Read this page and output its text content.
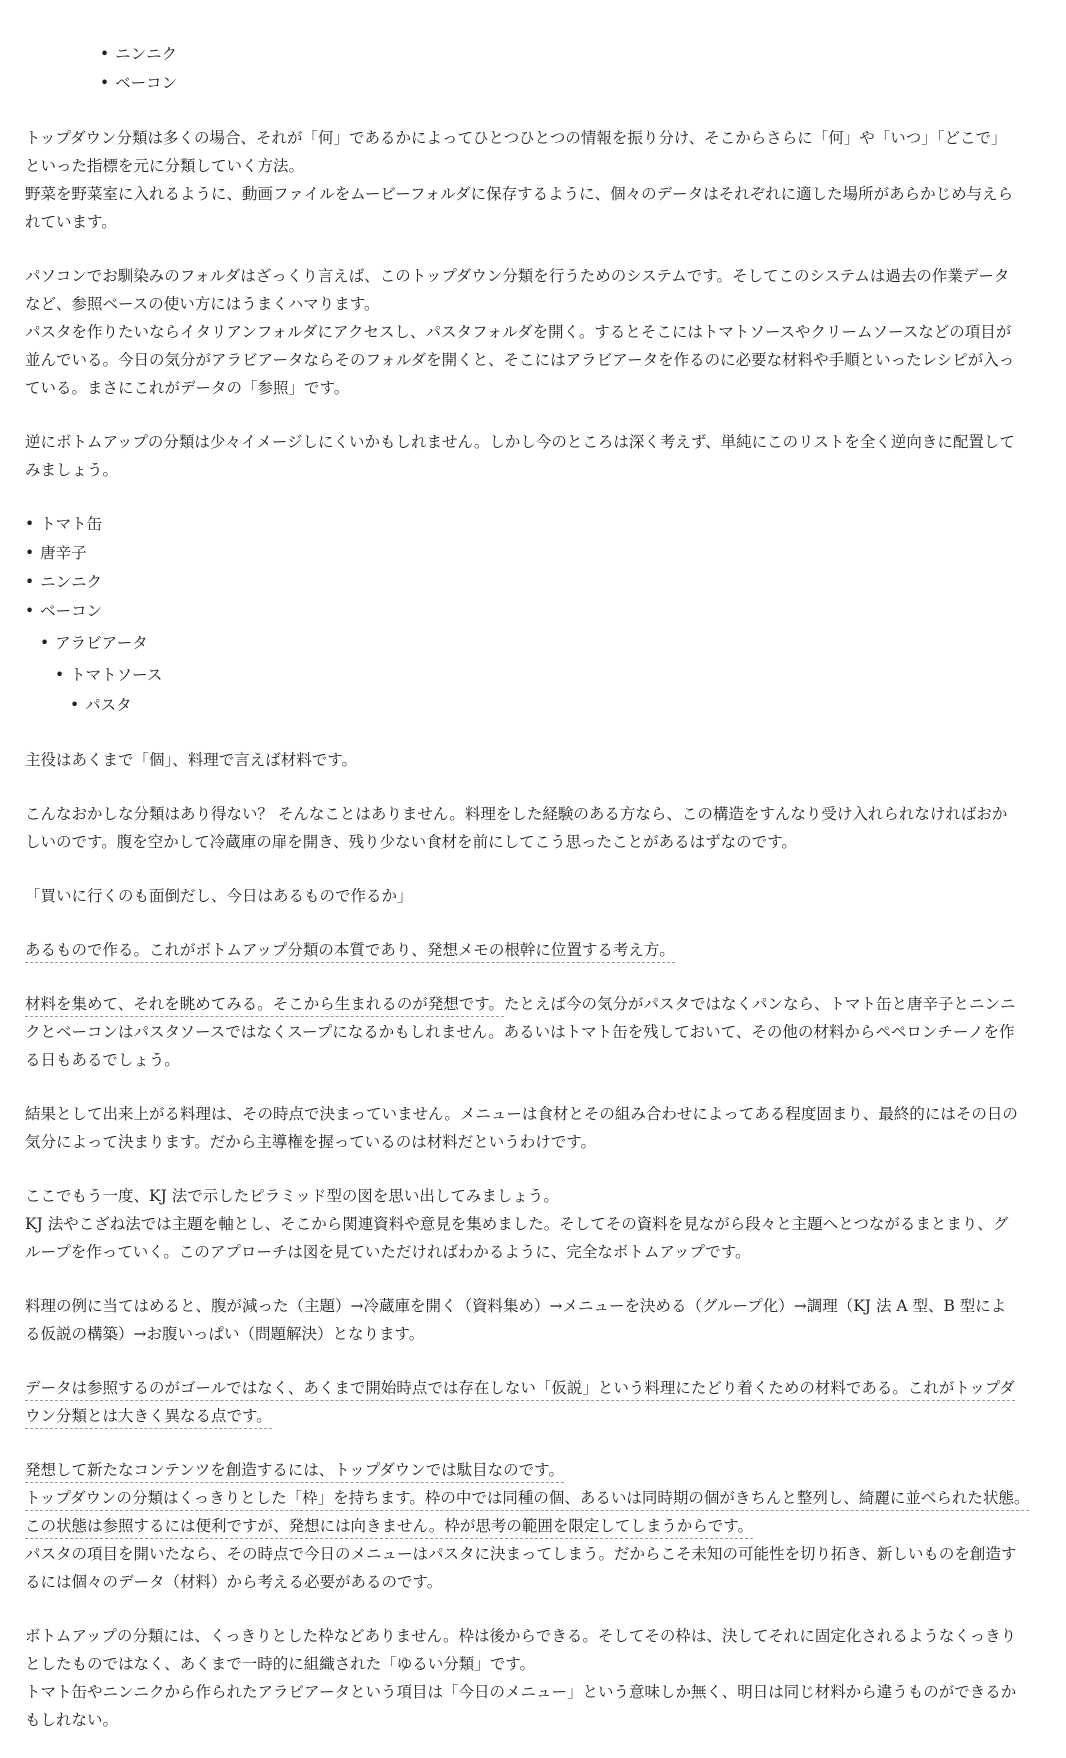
• ニンニク
• ベーコン
トップダウン分類は多くの場合、それが「何」であるかによってひとつひとつの情報を振り分け、そこからさらに「何」や「いつ」「どこで」
といった指標を元に分類していく方法。
野菜を野菜室に入れるように、動画ファイルをムービーフォルダに保存するように、個々のデータはそれぞれに適した場所があらかじめ与えら
れています。
パソコンでお馴染みのフォルダはざっくり言えば、このトップダウン分類を行うためのシステムです。そしてこのシステムは過去の作業データ
など、参照ベースの使い方にはうまくハマります。
パスタを作りたいならイタリアンフォルダにアクセスし、パスタフォルダを開く。するとそこにはトマトソースやクリームソースなどの項目が
並んでいる。今日の気分がアラビアータならそのフォルダを開くと、そこにはアラビアータを作るのに必要な材料や手順といったレシピが入っ
ている。まさにこれがデータの「参照」です。
逆にボトムアップの分類は少々イメージしにくいかもしれません。しかし今のところは深く考えず、単純にこのリストを全く逆向きに配置して
みましょう。
• トマト缶
• 唐辛子
• ニンニク
• ベーコン
• アラビアータ
• トマトソース
• パスタ
主役はあくまで「個」、料理で言えば材料です。
こんなおかしな分類はあり得ない？ そんなことはありません。料理をした経験のある方なら、この構造をすんなり受け入れられなければおか
しいのです。腹を空かして冷蔵庫の扉を開き、残り少ない食材を前にしてこう思ったことがあるはずなのです。
「買いに行くのも面倒だし、今日はあるもので作るか」
あるもので作る。これがボトムアップ分類の本質であり、発想メモの根幹に位置する考え方。
材料を集めて、それを眺めてみる。そこから生まれるのが発想です。たとえば今の気分がパスタではなくパンなら、トマト缶と唐辛子とニンニ
クとベーコンはパスタソースではなくスープになるかもしれません。あるいはトマト缶を残しておいて、その他の材料からペペロンチーノを作
る日もあるでしょう。
結果として出来上がる料理は、その時点で決まっていません。メニューは食材とその組み合わせによってある程度固まり、最終的にはその日の
気分によって決まります。だから主導権を握っているのは材料だというわけです。
ここでもう一度、KJ 法で示したピラミッド型の図を思い出してみましょう。
KJ 法やこざね法では主題を軸とし、そこから関連資料や意見を集めました。そしてその資料を見ながら段々と主題へとつながるまとまり、グ
ループを作っていく。このアプローチは図を見ていただければわかるように、完全なボトムアップです。
料理の例に当てはめると、腹が減った（主題）→冷蔵庫を開く（資料集め）→メニューを決める（グループ化）→調理（KJ 法 A 型、B 型によ
る仮説の構築）→お腹いっぱい（問題解決）となります。
データは参照するのがゴールではなく、あくまで開始時点では存在しない「仮説」という料理にたどり着くための材料である。これがトップダ
ウン分類とは大きく異なる点です。
発想して新たなコンテンツを創造するには、トップダウンでは駄目なのです。
トップダウンの分類はくっきりとした「枠」を持ちます。枠の中では同種の個、あるいは同時期の個がきちんと整列し、綺麗に並べられた状態。
この状態は参照するには便利ですが、発想には向きません。枠が思考の範囲を限定してしまうからです。
パスタの項目を開いたなら、その時点で今日のメニューはパスタに決まってしまう。だからこそ未知の可能性を切り拓き、新しいものを創造す
るには個々のデータ（材料）から考える必要があるのです。
ボトムアップの分類には、くっきりとした枠などありません。枠は後からできる。そしてその枠は、決してそれに固定化されるようなくっきり
としたものではなく、あくまで一時的に組織された「ゆるい分類」です。
トマト缶やニンニクから作られたアラビアータという項目は「今日のメニュー」という意味しか無く、明日は同じ材料から違うものができるか
もしれない。
